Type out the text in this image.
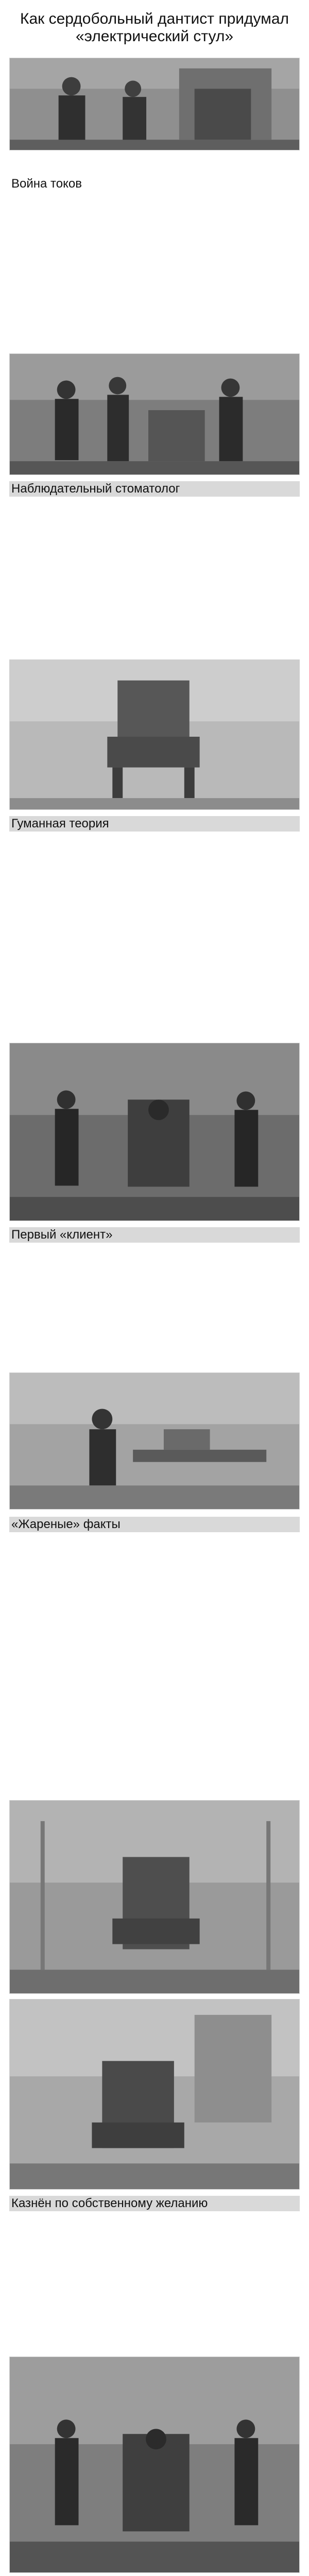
Как сердобольный дантист придумал «электрический стул»

Война токов

Наблюдательный стоматолог

Гуманная теория

Первый «клиент»

«Жареные» факты

Казнён по собственному желанию
